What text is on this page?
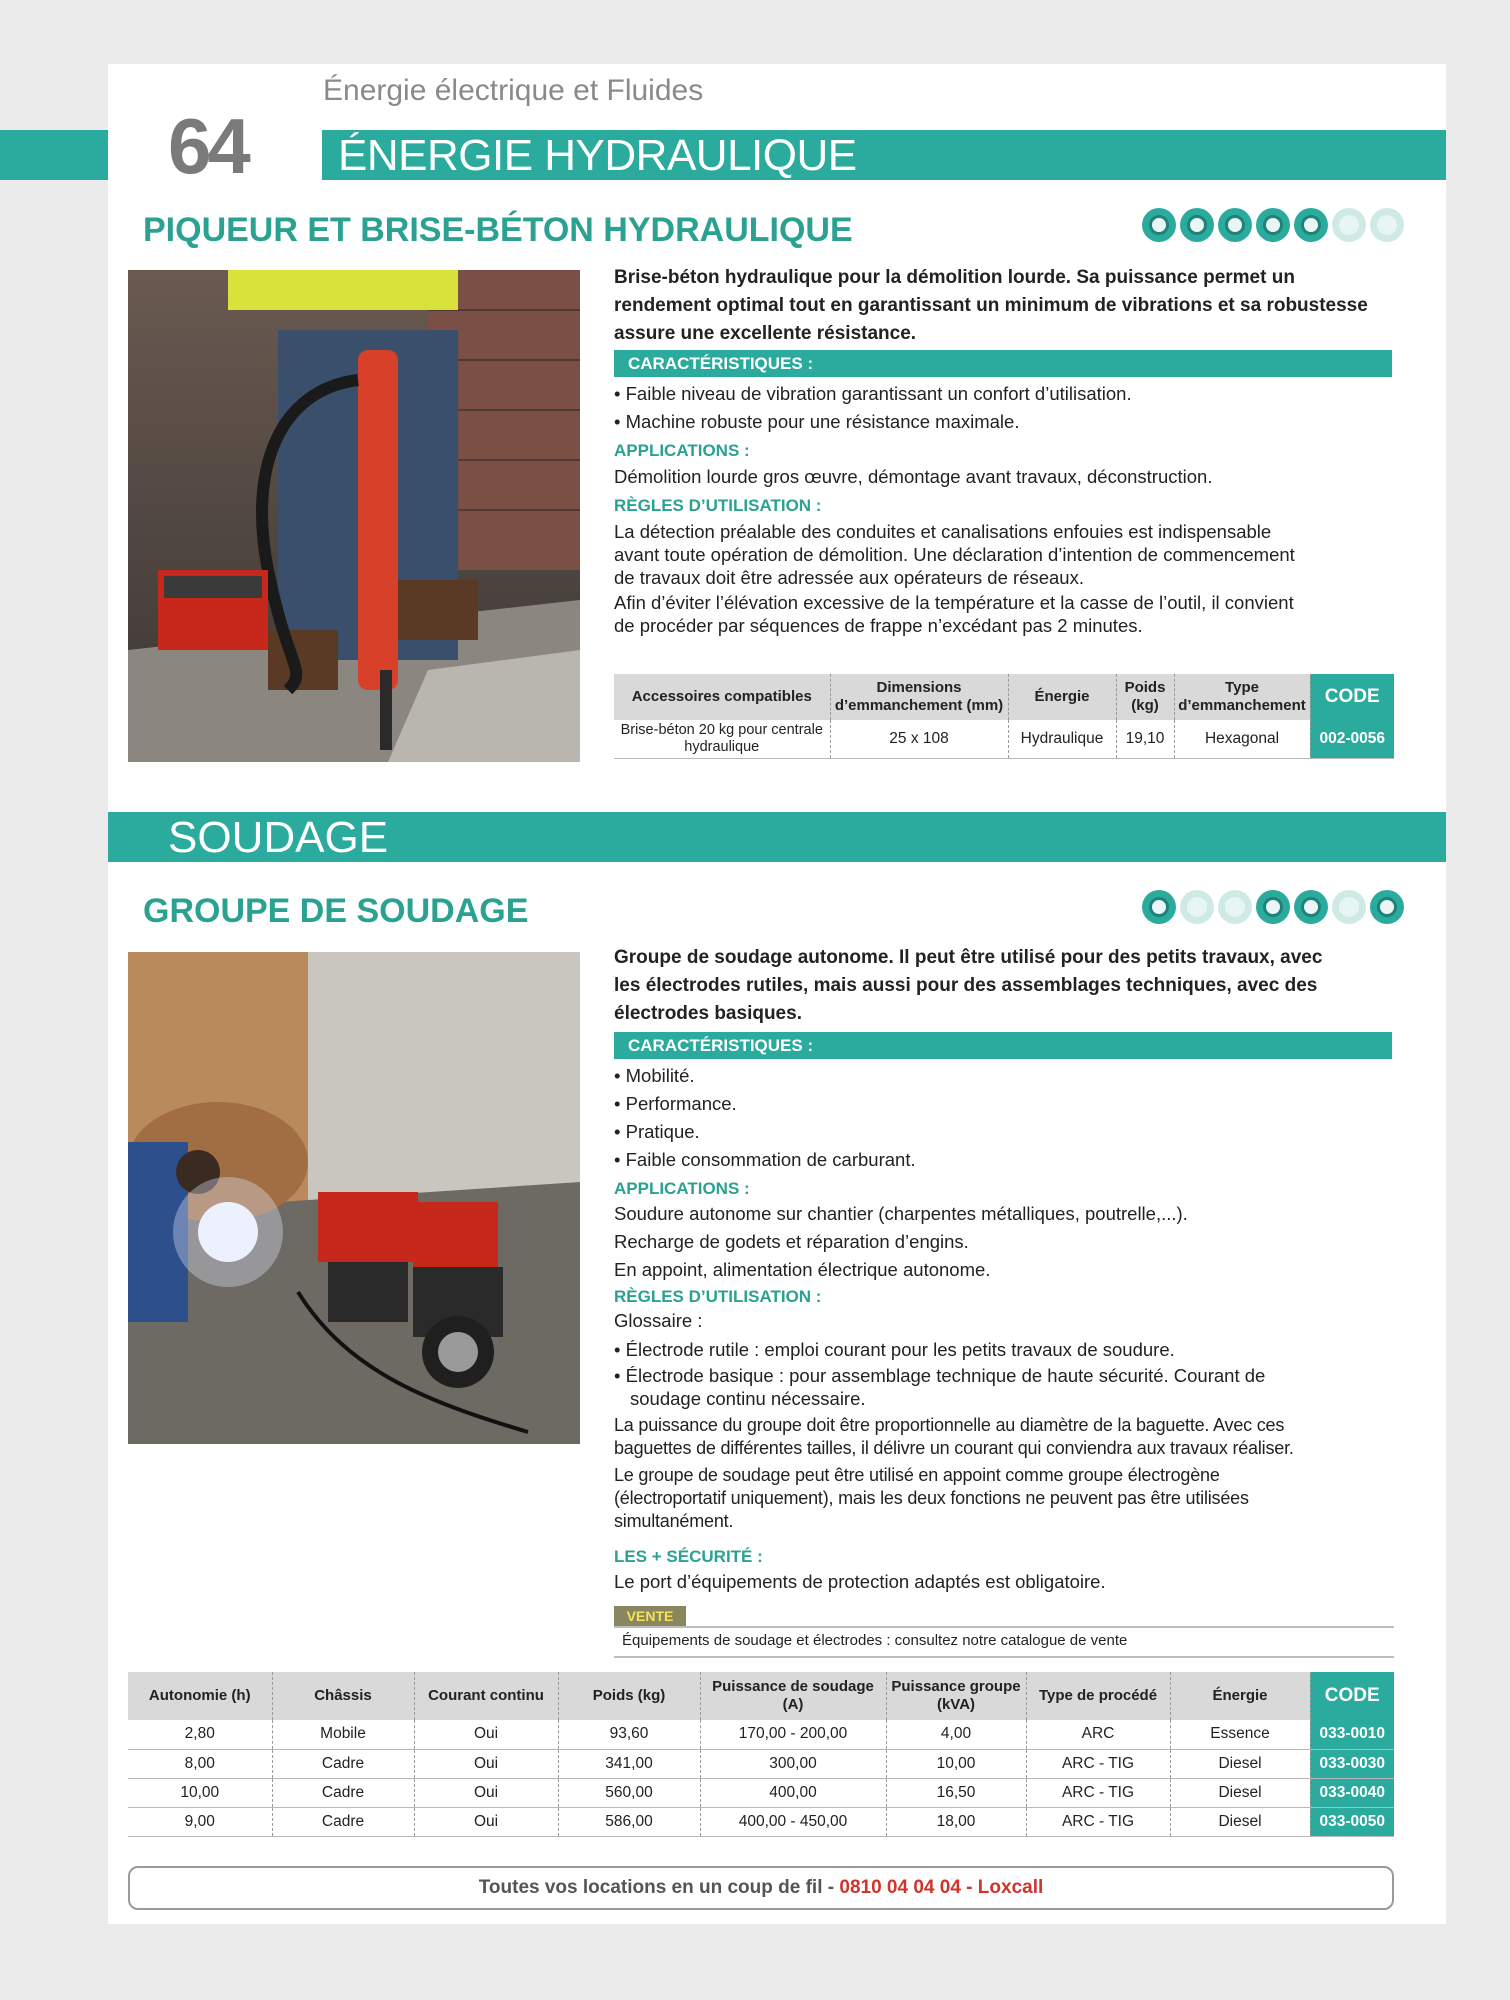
Énergie électrique et Fluides
64 ÉNERGIE HYDRAULIQUE
PIQUEUR ET BRISE-BÉTON HYDRAULIQUE
Brise-béton hydraulique pour la démolition lourde. Sa puissance permet un
rendement optimal tout en garantissant un minimum de vibrations et sa robustesse
assure une excellente résistance.
CARACTÉRISTIQUES :
• Faible niveau de vibration garantissant un confort d’utilisation.
• Machine robuste pour une résistance maximale.
APPLICATIONS :
Démolition lourde gros œuvre, démontage avant travaux, déconstruction.
RÈGLES D’UTILISATION :
La détection préalable des conduites et canalisations enfouies est indispensable
avant toute opération de démolition. Une déclaration d’intention de commencement
de travaux doit être adressée aux opérateurs de réseaux.
Afin d’éviter l’élévation excessive de la température et la casse de l’outil, il convient
de procéder par séquences de frappe n’excédant pas 2 minutes.
Accessoires compatibles	Dimensions d’emmanchement (mm)	Énergie	Poids (kg)	Type d’emmanchement	CODE
Brise-béton 20 kg pour centrale hydraulique	25 x 108	Hydraulique	19,10	Hexagonal	002-0056
SOUDAGE
GROUPE DE SOUDAGE
Groupe de soudage autonome. Il peut être utilisé pour des petits travaux, avec
les électrodes rutiles, mais aussi pour des assemblages techniques, avec des
électrodes basiques.
CARACTÉRISTIQUES :
• Mobilité.
• Performance.
• Pratique.
• Faible consommation de carburant.
APPLICATIONS :
Soudure autonome sur chantier (charpentes métalliques, poutrelle,...).
Recharge de godets et réparation d’engins.
En appoint, alimentation électrique autonome.
RÈGLES D’UTILISATION :
Glossaire :
• Électrode rutile : emploi courant pour les petits travaux de soudure.
• Électrode basique : pour assemblage technique de haute sécurité. Courant de
soudage continu nécessaire.
La puissance du groupe doit être proportionnelle au diamètre de la baguette. Avec ces
baguettes de différentes tailles, il délivre un courant qui conviendra aux travaux réaliser.
Le groupe de soudage peut être utilisé en appoint comme groupe électrogène
(électroportatif uniquement), mais les deux fonctions ne peuvent pas être utilisées
simultanément.
LES + SÉCURITÉ :
Le port d’équipements de protection adaptés est obligatoire.
VENTE
Équipements de soudage et électrodes : consultez notre catalogue de vente
Autonomie (h)	Châssis	Courant continu	Poids (kg)	Puissance de soudage (A)	Puissance groupe (kVA)	Type de procédé	Énergie	CODE
2,80	Mobile	Oui	93,60	170,00 - 200,00	4,00	ARC	Essence	033-0010
8,00	Cadre	Oui	341,00	300,00	10,00	ARC - TIG	Diesel	033-0030
10,00	Cadre	Oui	560,00	400,00	16,50	ARC - TIG	Diesel	033-0040
9,00	Cadre	Oui	586,00	400,00 - 450,00	18,00	ARC - TIG	Diesel	033-0050
Toutes vos locations en un coup de fil - 0810 04 04 04 - Loxcall
